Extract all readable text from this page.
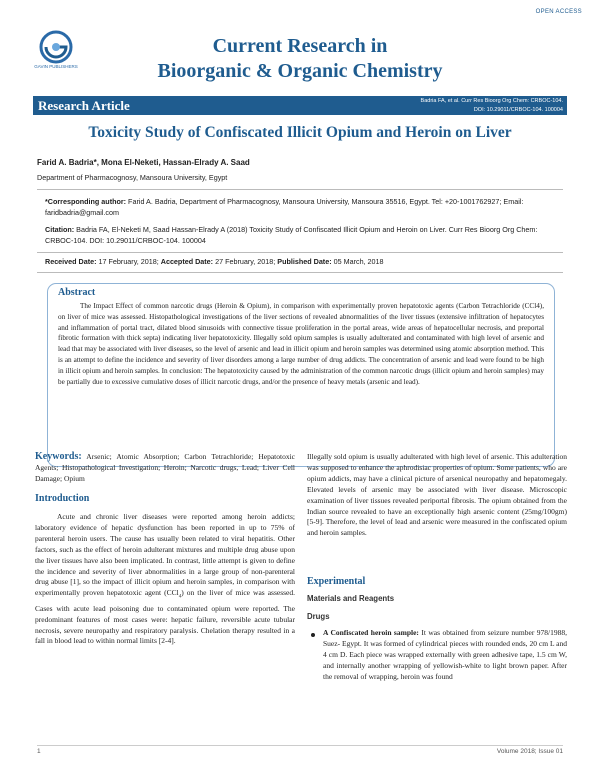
OPEN ACCESS
GAVIN PUBLISHERS
Current Research in
Bioorganic & Organic Chemistry
Research Article	Badria FA, et al. Curr Res Bioorg Org Chem: CRBOC-104.
DOI: 10.29011/CRBOC-104. 100004
Toxicity Study of Confiscated Illicit Opium and Heroin on Liver
Farid A. Badria*, Mona El-Neketi, Hassan-Elrady A. Saad
Department of Pharmacognosy, Mansoura University, Egypt
*Corresponding author: Farid A. Badria, Department of Pharmacognosy, Mansoura University, Mansoura 35516, Egypt. Tel: +20-1001762927; Email: faridbadria@gmail.com
Citation: Badria FA, El-Neketi M, Saad Hassan-Elrady A (2018) Toxicity Study of Confiscated Illicit Opium and Heroin on Liver. Curr Res Bioorg Org Chem: CRBOC-104. DOI: 10.29011/CRBOC-104. 100004
Received Date: 17 February, 2018; Accepted Date: 27 February, 2018; Published Date: 05 March, 2018
Abstract
The Impact Effect of common narcotic drugs (Heroin & Opium), in comparison with experimentally proven hepatotoxic agents (Carbon Tetrachloride (CCl4), on liver of mice was assessed. Histopathological investigations of the liver sections of revealed abnormalities of the liver tissues (extensive infiltration of hepatocytes and inflammation of portal tract, dilated blood sinusoids with connective tissue proliferation in the portal areas, wide areas of hepatocellular necrosis, and preportal fibrotic formation with thick septa) indicating liver hepatotoxicity. Illegally sold opium samples is usually adulterated and contaminated with high level of arsenic and lead that may be associated with liver diseases, so the level of arsenic and lead in illicit opium and heroin samples was determined using atomic absorption method. This is an attempt to define the incidence and severity of liver disorders among a large number of drug addicts. The concentration of arsenic and lead were found to be high in illicit opium and heroin samples. In conclusion: The hepatotoxicity caused by the administration of the common narcotic drugs (illicit opium and heroin samples) may be partially due to excessive cumulative doses of illicit narcotic drugs, and/or the presence of heavy metals (arsenic and lead).
Keywords: Arsenic; Atomic Absorption; Carbon Tetrachloride; Hepatotoxic Agents; Histopathological Investigation; Heroin; Narcotic drugs, Lead; Liver Cell Damage; Opium
Introduction
Acute and chronic liver diseases were reported among heroin addicts; laboratory evidence of hepatic dysfunction has been reported in up to 75% of parenteral heroin users. The cause has usually been related to viral hepatitis. Other factors, such as the effect of heroin adulterant mixtures and multiple drug abuse upon the liver tissues have also been implicated. In contrast, little attempt is given to define the incidence and severity of liver abnormalities in a large group of non-parenteral drug abuse [1], so the impact of illicit opium and heroin samples, in comparison with experimentally proven hepatotoxic agent (CCl$_4$) on the liver of mice was assessed. Cases with acute lead poisoning due to contaminated opium were reported. The predominant features of most cases were: hepatic failure, reversible acute tubular necrosis, severe neuropathy and respiratory paralysis. Chelation therapy resulted in a fall in blood lead to within normal limits [2-4].
Illegally sold opium is usually adulterated with high level of arsenic. This adulteration was supposed to enhance the aphrodisiac properties of opium. Some patients, who are opium addicts, may have a clinical picture of arsenical neuropathy and hepatomegaly. Elevated levels of arsenic may be associated with liver disease. Microscopic examination of liver tissues revealed periportal fibrosis. The opium obtained from the Indian source revealed to have an exceptionally high arsenic content (25mg/100gm) [5-9]. Therefore, the level of lead and arsenic were measured in the confiscated opium and heroin samples.
Experimental
Materials and Reagents
Drugs
A Confiscated heroin sample: It was obtained from seizure number 978/1988, Suez- Egypt. It was formed of cylindrical pieces with rounded ends, 20 cm L and 4 cm D. Each piece was wrapped externally with green adhesive tape, 1.5 cm W, and internally another wrapping of yellowish-white to light brown paper. After the removal of wrapping, heroin was found
1	Volume 2018; Issue 01
